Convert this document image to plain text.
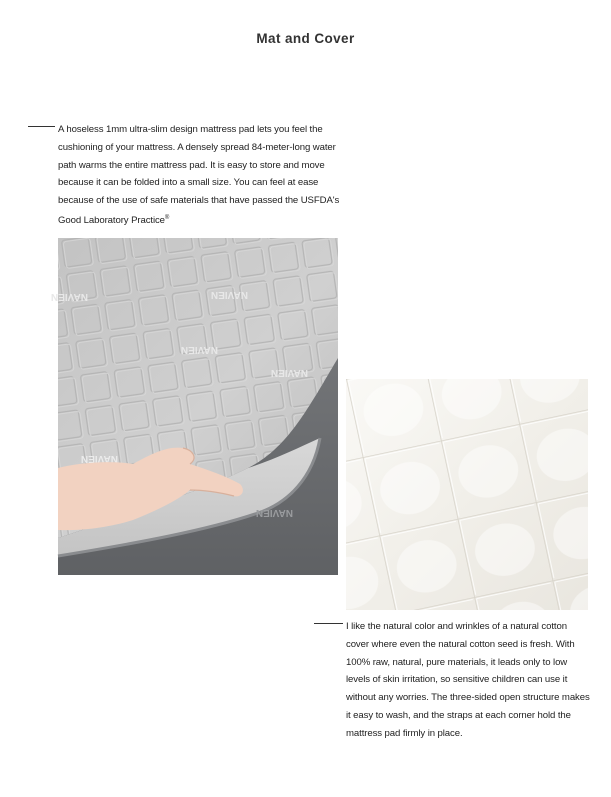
Mat and Cover
A hoseless 1mm ultra-slim design mattress pad lets you feel the cushioning of your mattress. A densely spread 84-meter-long water path warms the entire mattress pad. It is easy to store and move because it can be folded into a small size. You can feel at ease because of the use of safe materials that have passed the USFDA's Good Laboratory Practice®
NAVIEN
NAVIEN
NAVIEN
NAVIEN
NAVIEN
NAVIEN
I like the natural color and wrinkles of a natural cotton cover where even the natural cotton seed is fresh. With 100% raw, natural, pure materials, it leads only to low levels of skin irritation, so sensitive children can use it without any worries. The three-sided open structure makes it easy to wash, and the straps at each corner hold the mattress pad firmly in place.
